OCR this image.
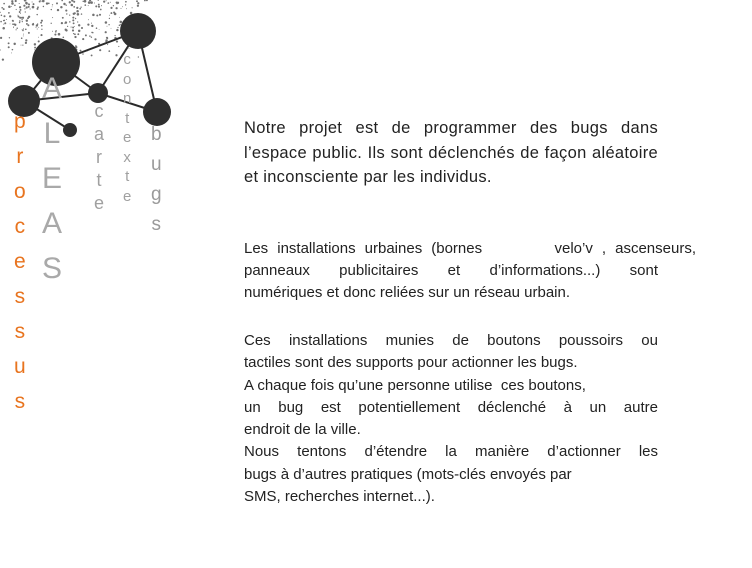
p
r
o
c
e
s
s
u
s
A
L
E
A
S
c
a
r
t
e
c
o
n
t
e
x
t
e
b
u
g
s

Notre projet est de programmer des bugs dans l’espace public. Ils sont déclenchés de façon aléatoire et inconsciente par les individus.

Les installations urbaines (bornes        velo’v , ascenseurs,
panneaux publicitaires et d’informations...) sont
numériques et donc reliées sur un réseau urbain.
Ces installations munies de boutons poussoirs ou
tactiles sont des supports pour actionner les bugs.
A chaque fois qu’une personne utilise  ces boutons,
un bug est potentiellement déclenché à un autre
endroit de la ville.
Nous tentons d’étendre la manière d’actionner les
bugs à d’autres pratiques (mots-clés envoyés par
SMS, recherches internet...).
